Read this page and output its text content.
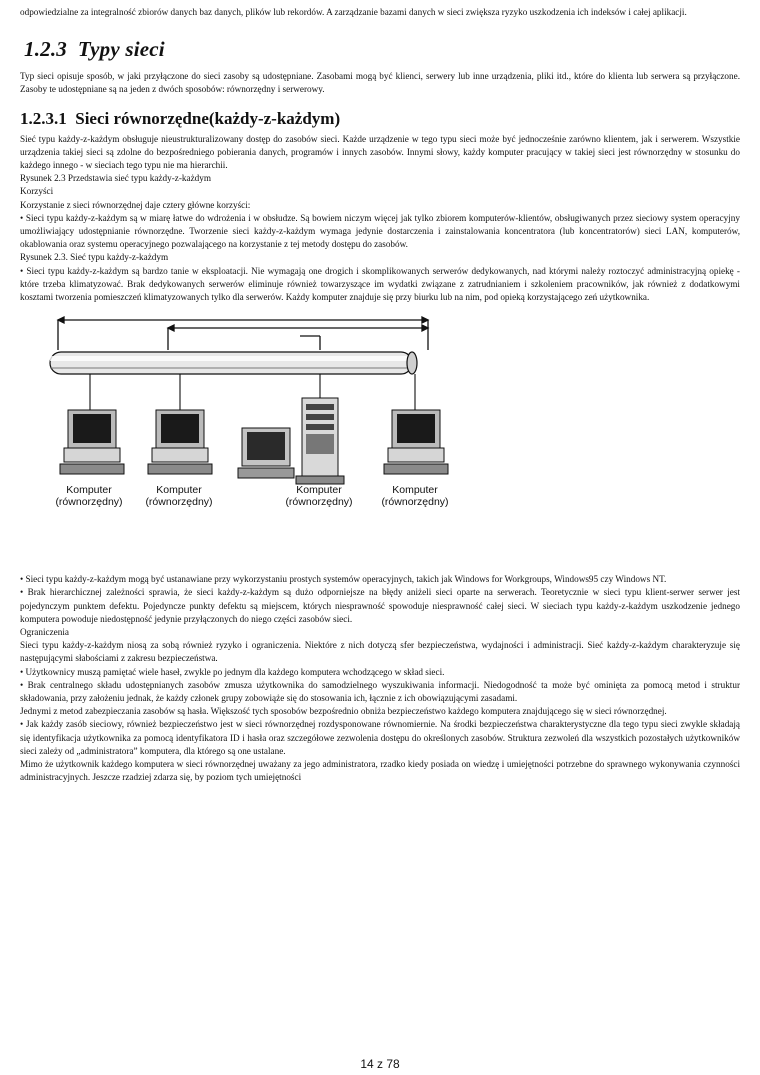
odpowiedzialne za integralność zbiorów danych baz danych, plików lub rekordów. A zarządzanie bazami danych w sieci zwiększa ryzyko uszkodzenia ich indeksów i całej aplikacji.

1.2.3 Typy sieci

Typ sieci opisuje sposób, w jaki przyłączone do sieci zasoby są udostępniane. Zasobami mogą być klienci, serwery lub inne urządzenia, pliki itd., które do klienta lub serwera są przyłączone. Zasoby te udostępniane są na jeden z dwóch sposobów: równorzędny i serwerowy.

1.2.3.1 Sieci równorzędne(każdy-z-każdym)

Sieć typu każdy-z-każdym obsługuje nieustrukturalizowany dostęp do zasobów sieci. Każde urządzenie w tego typu sieci może być jednocześnie zarówno klientem, jak i serwerem. Wszystkie urządzenia takiej sieci są zdolne do bezpośredniego pobierania danych, programów i innych zasobów. Innymi słowy, każdy komputer pracujący w takiej sieci jest równorzędny w stosunku do każdego innego - w sieciach tego typu nie ma hierarchii.

Rysunek 2.3 Przedstawia sieć typu każdy-z-każdym

Korzyści

Korzystanie z sieci równorzędnej daje cztery główne korzyści:

• Sieci typu każdy-z-każdym są w miarę łatwe do wdrożenia i w obsłudze. Są bowiem niczym więcej jak tylko zbiorem komputerów-klientów, obsługiwanych przez sieciowy system operacyjny umożliwiający udostępnianie równorzędne. Tworzenie sieci każdy-z-każdym wymaga jedynie dostarczenia i zainstalowania koncentratora (lub koncentratorów) sieci LAN, komputerów, okablowania oraz systemu operacyjnego pozwalającego na korzystanie z tej metody dostępu do zasobów.

Rysunek 2.3. Sieć typu każdy-z-każdym

• Sieci typu każdy-z-każdym są bardzo tanie w eksploatacji. Nie wymagają one drogich i skomplikowanych serwerów dedykowanych, nad którymi należy roztoczyć administracyjną opiekę - które trzeba klimatyzować. Brak dedykowanych serwerów eliminuje również towarzyszące im wydatki związane z zatrudnianiem i szkoleniem pracowników, jak również z dodatkowymi kosztami tworzenia pomieszczeń klimatyzowanych tylko dla serwerów. Każdy komputer znajduje się przy biurku lub na nim, pod opieką korzystającego zeń użytkownika.

Komputer
(równorzędny)
Komputer
(równorzędny)
Komputer
(równorzędny)
Komputer
(równorzędny)

• Sieci typu każdy-z-każdym mogą być ustanawiane przy wykorzystaniu prostych systemów operacyjnych, takich jak Windows for Workgroups, Windows95 czy Windows NT.

• Brak hierarchicznej zależności sprawia, że sieci każdy-z-każdym są dużo odporniejsze na błędy aniżeli sieci oparte na serwerach. Teoretycznie w sieci typu klient-serwer serwer jest pojedynczym punktem defektu. Pojedyncze punkty defektu są miejscem, których niesprawność spowoduje niesprawność całej sieci. W sieciach typu każdy-z-każdym uszkodzenie jednego komputera powoduje niedostępność jedynie przyłączonych do niego części zasobów sieci.

Ograniczenia

Sieci typu każdy-z-każdym niosą za sobą również ryzyko i ograniczenia. Niektóre z nich dotyczą sfer bezpieczeństwa, wydajności i administracji. Sieć każdy-z-każdym charakteryzuje się następującymi słabościami z zakresu bezpieczeństwa.

• Użytkownicy muszą pamiętać wiele haseł, zwykle po jednym dla każdego komputera wchodzącego w skład sieci.

• Brak centralnego składu udostępnianych zasobów zmusza użytkownika do samodzielnego wyszukiwania informacji. Niedogodność ta może być ominięta za pomocą metod i struktur składowania, przy założeniu jednak, że każdy członek grupy zobowiąże się do stosowania ich, łącznie z ich obowiązującymi zasadami.

Jednymi z metod zabezpieczania zasobów są hasła. Większość tych sposobów bezpośrednio obniża bezpieczeństwo każdego komputera znajdującego się w sieci równorzędnej.

• Jak każdy zasób sieciowy, również bezpieczeństwo jest w sieci równorzędnej rozdysponowane równomiernie. Na środki bezpieczeństwa charakterystyczne dla tego typu sieci zwykle składają się identyfikacja użytkownika za pomocą identyfikatora ID i hasła oraz szczegółowe zezwolenia dostępu do określonych zasobów. Struktura zezwoleń dla wszystkich pozostałych użytkowników sieci zależy od „administratora” komputera, dla którego są one ustalane.

Mimo że użytkownik każdego komputera w sieci równorzędnej uważany za jego administratora, rzadko kiedy posiada on wiedzę i umiejętności potrzebne do sprawnego wykonywania czynności administracyjnych. Jeszcze rzadziej zdarza się, by poziom tych umiejętności

14 z 78
